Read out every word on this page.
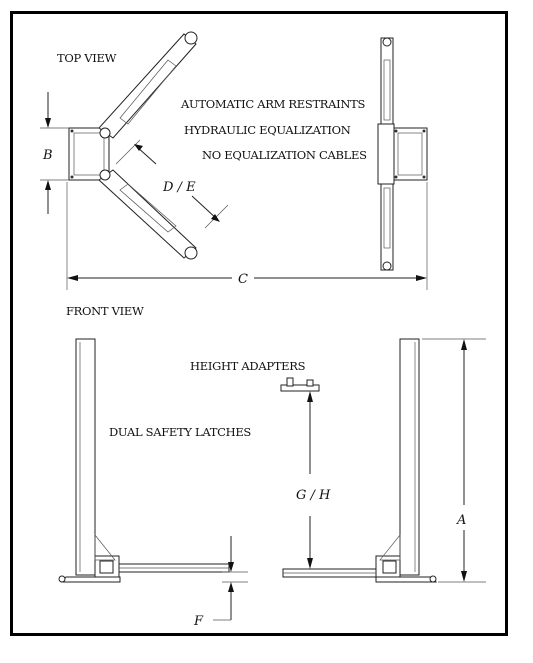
TOP VIEW
AUTOMATIC ARM RESTRAINTS
HYDRAULIC EQUALIZATION
NO EQUALIZATION CABLES
B
D / E
C
FRONT VIEW
HEIGHT ADAPTERS
DUAL SAFETY LATCHES
G / H
A
F
